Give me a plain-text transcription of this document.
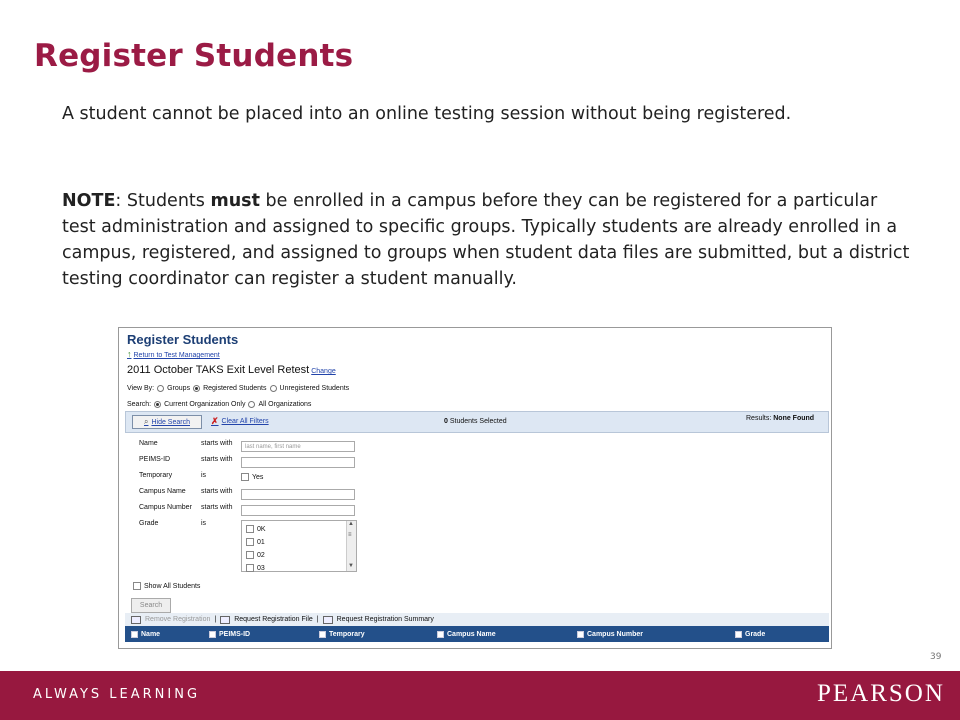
Register Students

A student cannot be placed into an online testing session without being registered.

NOTE: Students must be enrolled in a campus before they can be registered for a particular test administration and assigned to specific groups. Typically students are already enrolled in a campus, registered, and assigned to groups when student data files are submitted, but a district testing coordinator can register a student manually.

Register Students
↑ Return to Test Management
2011 October TAKS Exit Level Retest Change
View By: Groups Registered Students Unregistered Students
Search: Current Organization Only All Organizations
⌕ Hide Search ✗ Clear All Filters	0 Students Selected	Results: None Found
Name	starts with	last name, first name
PEIMS-ID	starts with
Temporary	is	Yes
Campus Name starts with
Campus Number starts with
Grade	is
0K
01
02
03
▲
≡
▼
Show All Students
Search
Remove Registration |	Request Registration File |	Request Registration Summary
Name	PEIMS-ID	Temporary	Campus Name	Campus Number	Grade
39
ALWAYS LEARNING	PEARSON
